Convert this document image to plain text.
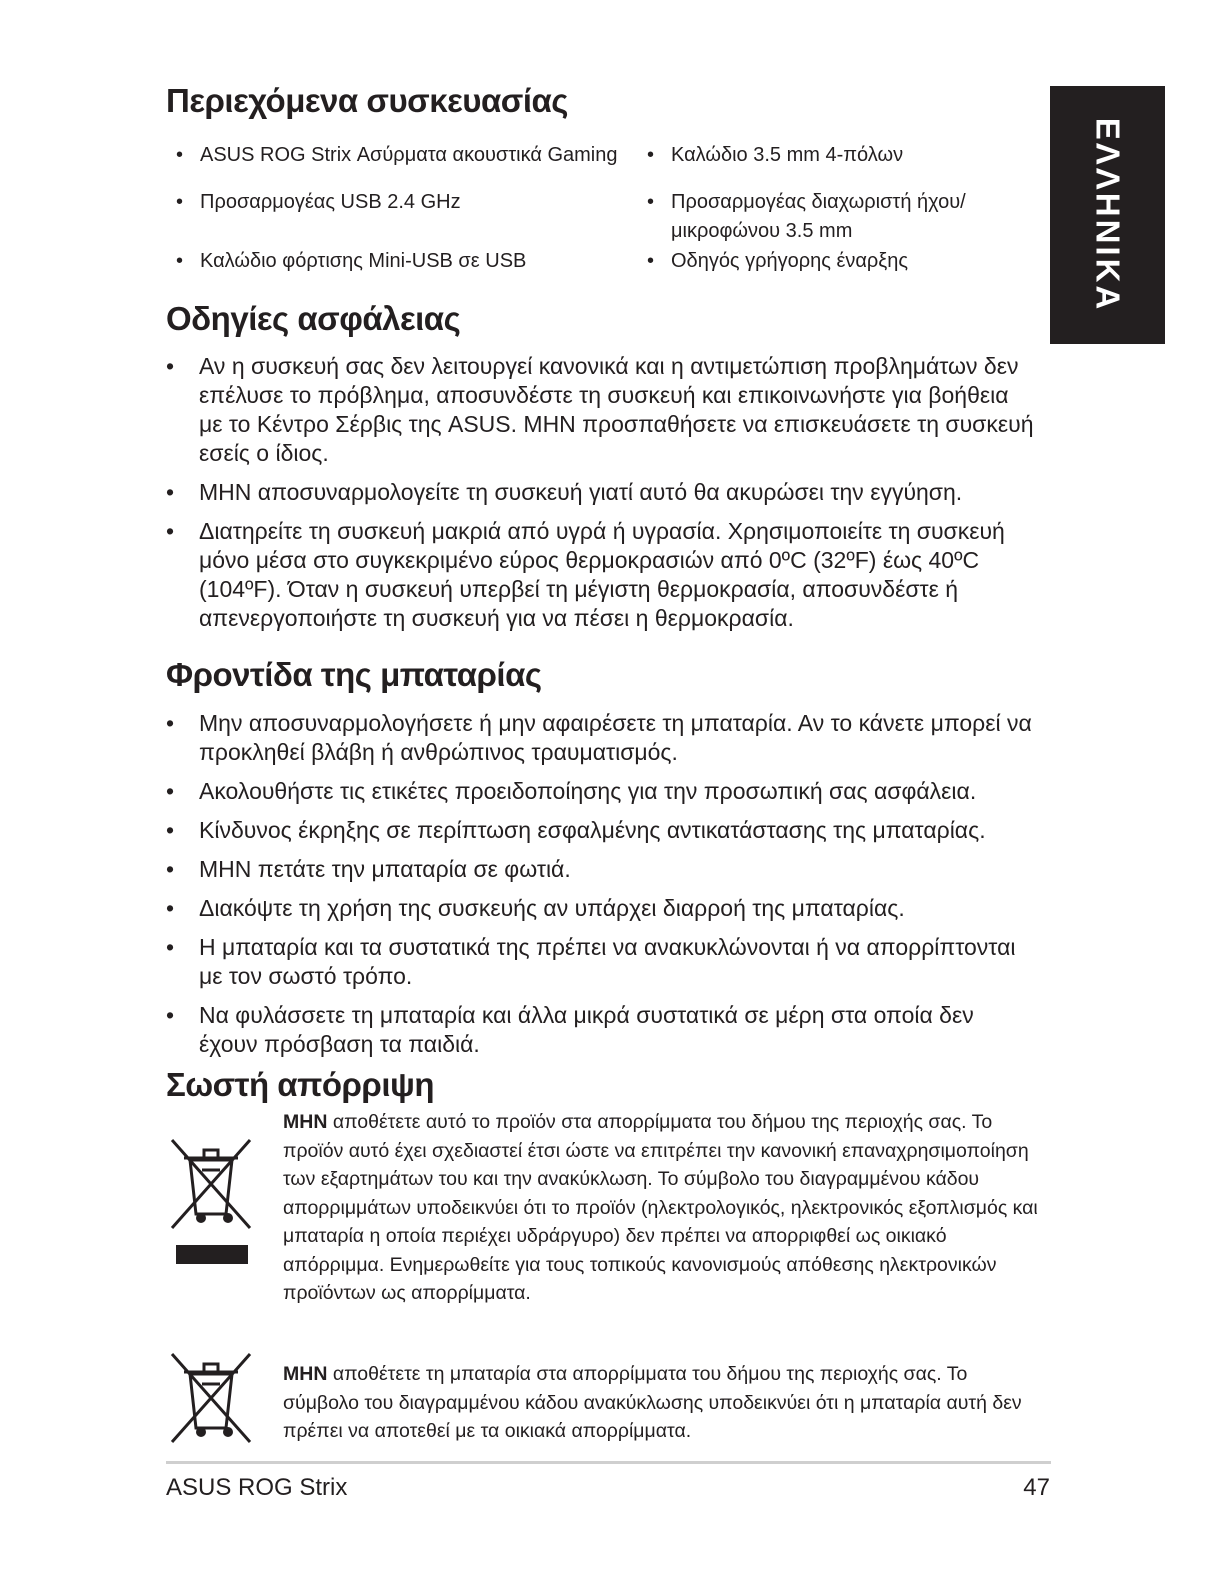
ΕΛΛΗΝΙΚΑ
Περιεχόμενα συσκευασίας
• ASUS ROG Strix Ασύρματα ακουστικά Gaming	• Καλώδιο 3.5 mm 4-πόλων
• Προσαρμογέας USB 2.4 GHz	• Προσαρμογέας διαχωριστή ήχου/ μικροφώνου 3.5 mm
• Καλώδιο φόρτισης Mini-USB σε USB	• Οδηγός γρήγορης έναρξης
Οδηγίες ασφάλειας
• Αν η συσκευή σας δεν λειτουργεί κανονικά και η αντιμετώπιση προβλημάτων δεν επέλυσε το πρόβλημα, αποσυνδέστε τη συσκευή και επικοινωνήστε για βοήθεια με το Κέντρο Σέρβις της ASUS. ΜΗΝ προσπαθήσετε να επισκευάσετε τη συσκευή εσείς ο ίδιος.
• ΜΗΝ αποσυναρμολογείτε τη συσκευή γιατί αυτό θα ακυρώσει την εγγύηση.
• Διατηρείτε τη συσκευή μακριά από υγρά ή υγρασία. Χρησιμοποιείτε τη συσκευή μόνο μέσα στο συγκεκριμένο εύρος θερμοκρασιών από 0ºC (32ºF) έως 40ºC (104ºF). Όταν η συσκευή υπερβεί τη μέγιστη θερμοκρασία, αποσυνδέστε ή απενεργοποιήστε τη συσκευή για να πέσει η θερμοκρασία.
Φροντίδα της μπαταρίας
• Μην αποσυναρμολογήσετε ή μην αφαιρέσετε τη μπαταρία. Αν το κάνετε μπορεί να προκληθεί βλάβη ή ανθρώπινος τραυματισμός.
• Ακολουθήστε τις ετικέτες προειδοποίησης για την προσωπική σας ασφάλεια.
• Κίνδυνος έκρηξης σε περίπτωση εσφαλμένης αντικατάστασης της μπαταρίας.
• ΜΗΝ πετάτε την μπαταρία σε φωτιά.
• Διακόψτε τη χρήση της συσκευής αν υπάρχει διαρροή της μπαταρίας.
• Η μπαταρία και τα συστατικά της πρέπει να ανακυκλώνονται ή να απορρίπτονται με τον σωστό τρόπο.
• Να φυλάσσετε τη μπαταρία και άλλα μικρά συστατικά σε μέρη στα οποία δεν έχουν πρόσβαση τα παιδιά.
Σωστή απόρριψη

ΜΗΝ αποθέτετε αυτό το προϊόν στα απορρίμματα του δήμου της περιοχής σας. Το προϊόν αυτό έχει σχεδιαστεί έτσι ώστε να επιτρέπει την κανονική επαναχρησιμοποίηση των εξαρτημάτων του και την ανακύκλωση. Το σύμβολο του διαγραμμένου κάδου απορριμμάτων υποδεικνύει ότι το προϊόν (ηλεκτρολογικός, ηλεκτρονικός εξοπλισμός και μπαταρία η οποία περιέχει υδράργυρο) δεν πρέπει να απορριφθεί ως οικιακό απόρριμμα. Ενημερωθείτε για τους τοπικούς κανονισμούς απόθεσης ηλεκτρονικών προϊόντων ως απορρίμματα.

ΜΗΝ αποθέτετε τη μπαταρία στα απορρίμματα του δήμου της περιοχής σας. Το σύμβολο του διαγραμμένου κάδου ανακύκλωσης υποδεικνύει ότι η μπαταρία αυτή δεν πρέπει να αποτεθεί με τα οικιακά απορρίμματα.

ASUS ROG Strix	47
